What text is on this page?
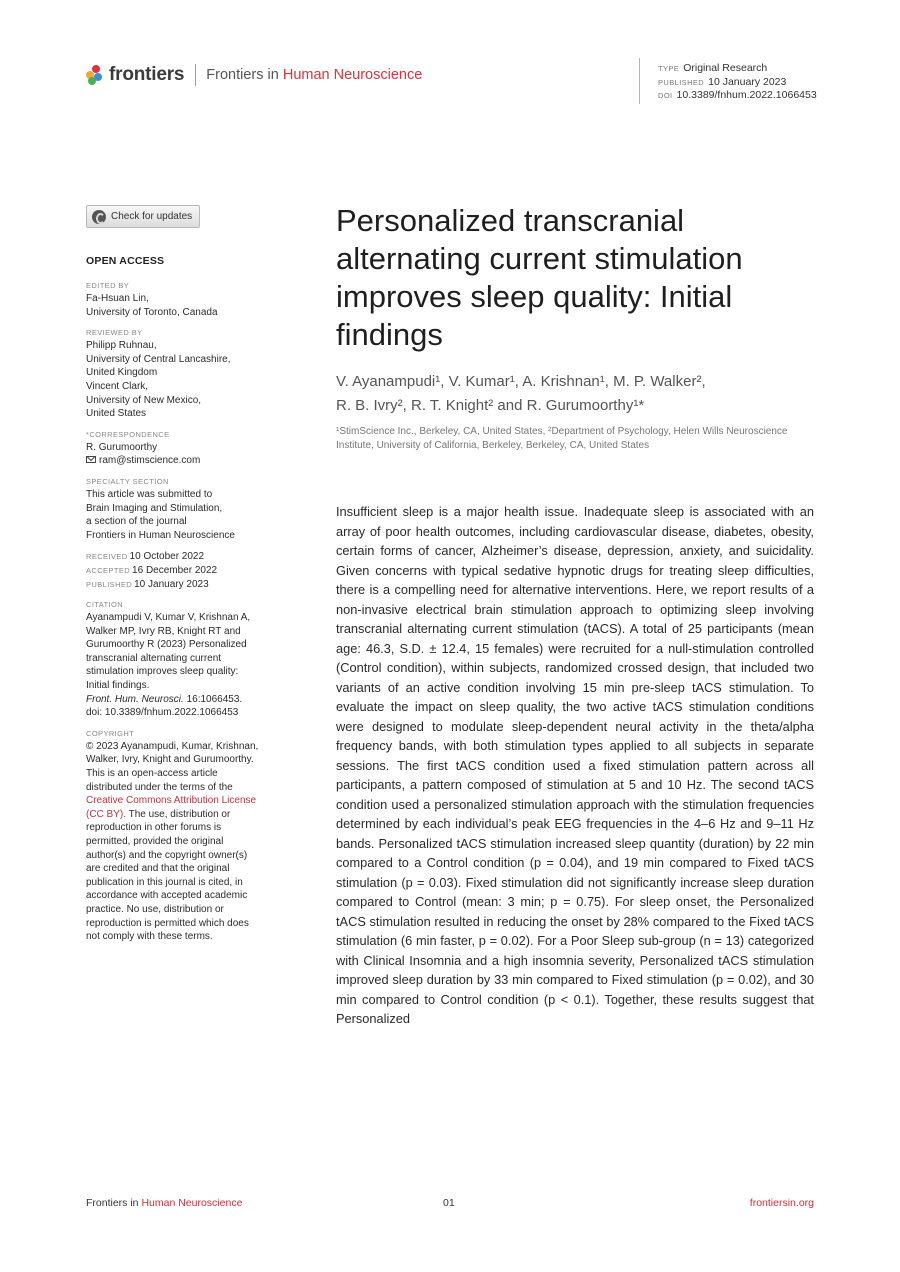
frontiers Frontiers in Human Neuroscience	TYPE Original Research
PUBLISHED 10 January 2023
DOI 10.3389/fnhum.2022.1066453
Check for updates
OPEN ACCESS
EDITED BY
Fa-Hsuan Lin,
University of Toronto, Canada
REVIEWED BY
Philipp Ruhnau,
University of Central Lancashire,
United Kingdom
Vincent Clark,
University of New Mexico,
United States
*CORRESPONDENCE
R. Gurumoorthy
ram@stimscience.com
SPECIALTY SECTION
This article was submitted to
Brain Imaging and Stimulation,
a section of the journal
Frontiers in Human Neuroscience
RECEIVED 10 October 2022
ACCEPTED 16 December 2022
PUBLISHED 10 January 2023
CITATION
Ayanampudi V, Kumar V, Krishnan A,
Walker MP, Ivry RB, Knight RT and
Gurumoorthy R (2023) Personalized
transcranial alternating current
stimulation improves sleep quality:
Initial findings.
Front. Hum. Neurosci. 16:1066453.
doi: 10.3389/fnhum.2022.1066453
COPYRIGHT
© 2023 Ayanampudi, Kumar, Krishnan,
Walker, Ivry, Knight and Gurumoorthy.
This is an open-access article
distributed under the terms of the
Creative Commons Attribution License
(CC BY). The use, distribution or
reproduction in other forums is
permitted, provided the original
author(s) and the copyright owner(s)
are credited and that the original
publication in this journal is cited, in
accordance with accepted academic
practice. No use, distribution or
reproduction is permitted which does
not comply with these terms.
Personalized transcranial alternating current stimulation improves sleep quality: Initial findings
V. Ayanampudi¹, V. Kumar¹, A. Krishnan¹, M. P. Walker²,
R. B. Ivry², R. T. Knight² and R. Gurumoorthy¹*
¹StimScience Inc., Berkeley, CA, United States, ²Department of Psychology, Helen Wills Neuroscience Institute, University of California, Berkeley, Berkeley, CA, United States

Insufficient sleep is a major health issue. Inadequate sleep is associated with an array of poor health outcomes, including cardiovascular disease, diabetes, obesity, certain forms of cancer, Alzheimer’s disease, depression, anxiety, and suicidality. Given concerns with typical sedative hypnotic drugs for treating sleep difficulties, there is a compelling need for alternative interventions. Here, we report results of a non-invasive electrical brain stimulation approach to optimizing sleep involving transcranial alternating current stimulation (tACS). A total of 25 participants (mean age: 46.3, S.D. ± 12.4, 15 females) were recruited for a null-stimulation controlled (Control condition), within subjects, randomized crossed design, that included two variants of an active condition involving 15 min pre-sleep tACS stimulation. To evaluate the impact on sleep quality, the two active tACS stimulation conditions were designed to modulate sleep-dependent neural activity in the theta/alpha frequency bands, with both stimulation types applied to all subjects in separate sessions. The first tACS condition used a fixed stimulation pattern across all participants, a pattern composed of stimulation at 5 and 10 Hz. The second tACS condition used a personalized stimulation approach with the stimulation frequencies determined by each individual’s peak EEG frequencies in the 4–6 Hz and 9–11 Hz bands. Personalized tACS stimulation increased sleep quantity (duration) by 22 min compared to a Control condition (p = 0.04), and 19 min compared to Fixed tACS stimulation (p = 0.03). Fixed stimulation did not significantly increase sleep duration compared to Control (mean: 3 min; p = 0.75). For sleep onset, the Personalized tACS stimulation resulted in reducing the onset by 28% compared to the Fixed tACS stimulation (6 min faster, p = 0.02). For a Poor Sleep sub-group (n = 13) categorized with Clinical Insomnia and a high insomnia severity, Personalized tACS stimulation improved sleep duration by 33 min compared to Fixed stimulation (p = 0.02), and 30 min compared to Control condition (p < 0.1). Together, these results suggest that Personalized

Frontiers in Human Neuroscience	01	frontiersin.org
